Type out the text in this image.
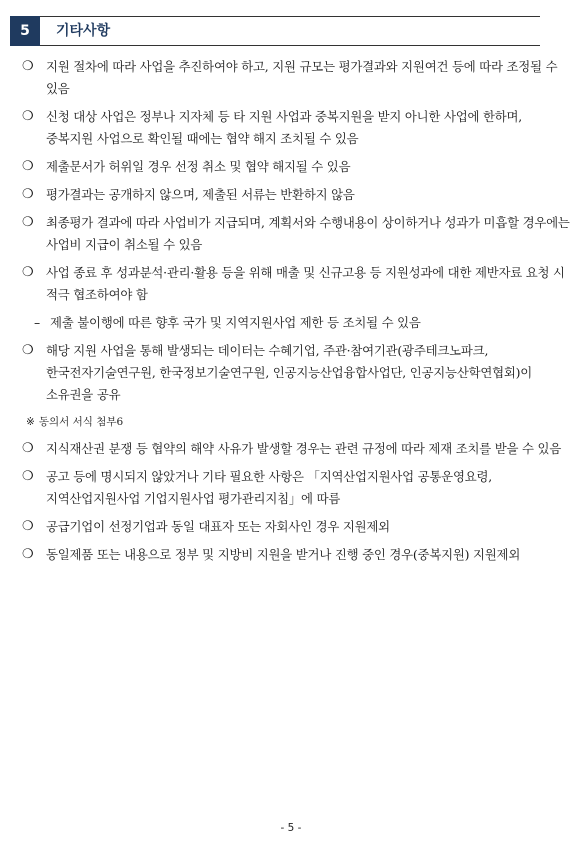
5	기타사항
❍ 지원 절차에 따라 사업을 추진하여야 하고, 지원 규모는 평가결과와 지원여건 등에 따라 조정될 수 있음
❍ 신청 대상 사업은 정부나 지자체 등 타 지원 사업과 중복지원을 받지 아니한 사업에 한하며, 중복지원 사업으로 확인될 때에는 협약 해지 조치될 수 있음
❍ 제출문서가 허위일 경우 선정 취소 및 협약 해지될 수 있음
❍ 평가결과는 공개하지 않으며, 제출된 서류는 반환하지 않음
❍ 최종평가 결과에 따라 사업비가 지급되며, 계획서와 수행내용이 상이하거나 성과가 미흡할 경우에는 사업비 지급이 취소될 수 있음
❍ 사업 종료 후 성과분석·관리·활용 등을 위해 매출 및 신규고용 등 지원성과에 대한 제반자료 요청 시 적극 협조하여야 함
– 제출 불이행에 따른 향후 국가 및 지역지원사업 제한 등 조치될 수 있음
❍ 해당 지원 사업을 통해 발생되는 데이터는 수혜기업, 주관·참여기관(광주테크노파크, 한국전자기술연구원, 한국정보기술연구원, 인공지능산업융합사업단, 인공지능산학연협회)이 소유권을 공유
※ 동의서 서식 첨부6
❍ 지식재산권 분쟁 등 협약의 해약 사유가 발생할 경우는 관련 규정에 따라 제재 조치를 받을 수 있음
❍ 공고 등에 명시되지 않았거나 기타 필요한 사항은 「지역산업지원사업 공통운영요령, 지역산업지원사업 기업지원사업 평가관리지침」에 따름
❍ 공급기업이 선정기업과 동일 대표자 또는 자회사인 경우 지원제외
❍ 동일제품 또는 내용으로 정부 및 지방비 지원을 받거나 진행 중인 경우(중복지원) 지원제외
- 5 -
